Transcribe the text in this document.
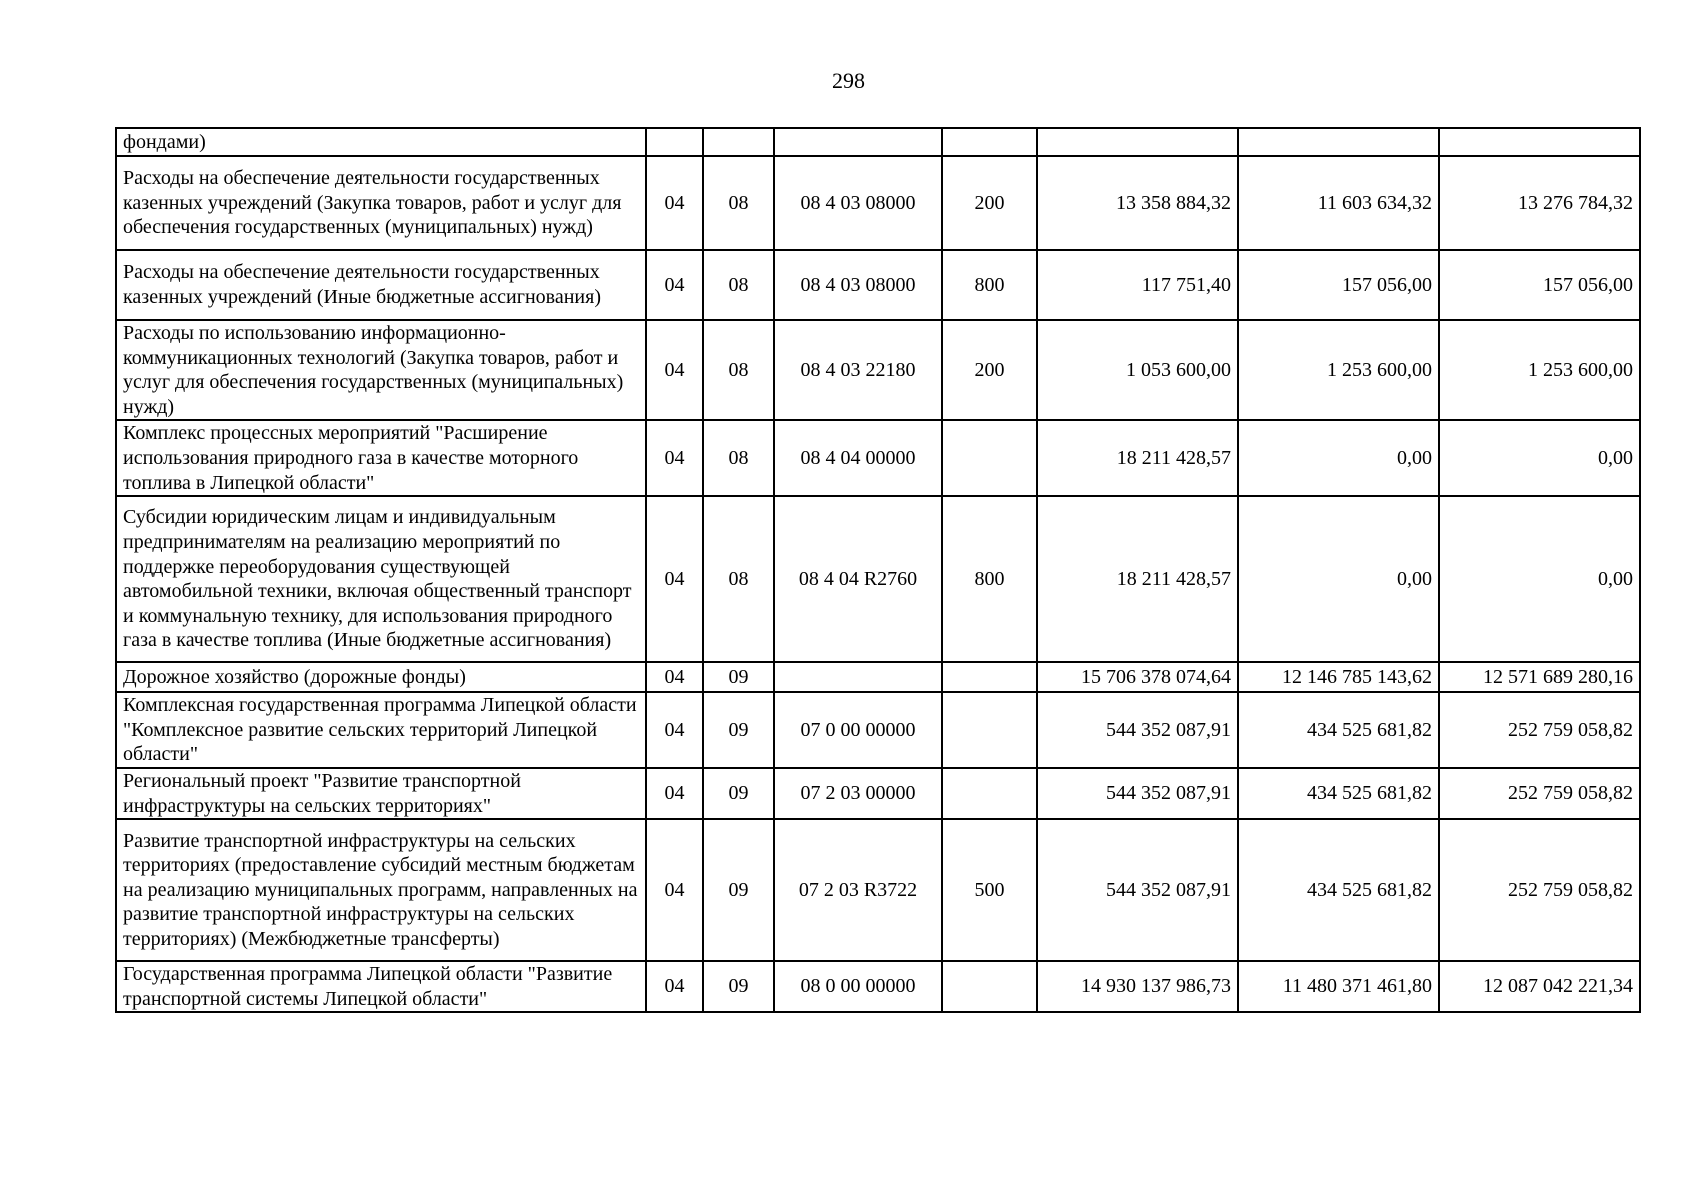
298
фондами)							
Расходы на обеспечение деятельности государственных казенных учреждений (Закупка товаров, работ и услуг для обеспечения государственных (муниципальных) нужд)	04	08	08 4 03 08000	200	13 358 884,32	11 603 634,32	13 276 784,32
Расходы на обеспечение деятельности государственных казенных учреждений (Иные бюджетные ассигнования)	04	08	08 4 03 08000	800	117 751,40	157 056,00	157 056,00
Расходы по использованию информационно-коммуникационных технологий (Закупка товаров, работ и услуг для обеспечения государственных (муниципальных) нужд)	04	08	08 4 03 22180	200	1 053 600,00	1 253 600,00	1 253 600,00
Комплекс процессных мероприятий "Расширение использования природного газа в качестве моторного топлива в Липецкой области"	04	08	08 4 04 00000		18 211 428,57	0,00	0,00
Субсидии юридическим лицам и индивидуальным предпринимателям на реализацию мероприятий по поддержке переоборудования существующей автомобильной техники, включая общественный транспорт и коммунальную технику, для использования природного газа в качестве топлива (Иные бюджетные ассигнования)	04	08	08 4 04 R2760	800	18 211 428,57	0,00	0,00
Дорожное хозяйство (дорожные фонды)	04	09			15 706 378 074,64	12 146 785 143,62	12 571 689 280,16
Комплексная государственная программа Липецкой области "Комплексное развитие сельских территорий Липецкой области"	04	09	07 0 00 00000		544 352 087,91	434 525 681,82	252 759 058,82
Региональный проект "Развитие транспортной инфраструктуры на сельских территориях"	04	09	07 2 03 00000		544 352 087,91	434 525 681,82	252 759 058,82
Развитие транспортной инфраструктуры на сельских территориях (предоставление субсидий местным бюджетам на реализацию муниципальных программ, направленных на развитие транспортной инфраструктуры на сельских территориях) (Межбюджетные трансферты)	04	09	07 2 03 R3722	500	544 352 087,91	434 525 681,82	252 759 058,82
Государственная программа Липецкой области "Развитие транспортной системы Липецкой области"	04	09	08 0 00 00000		14 930 137 986,73	11 480 371 461,80	12 087 042 221,34
